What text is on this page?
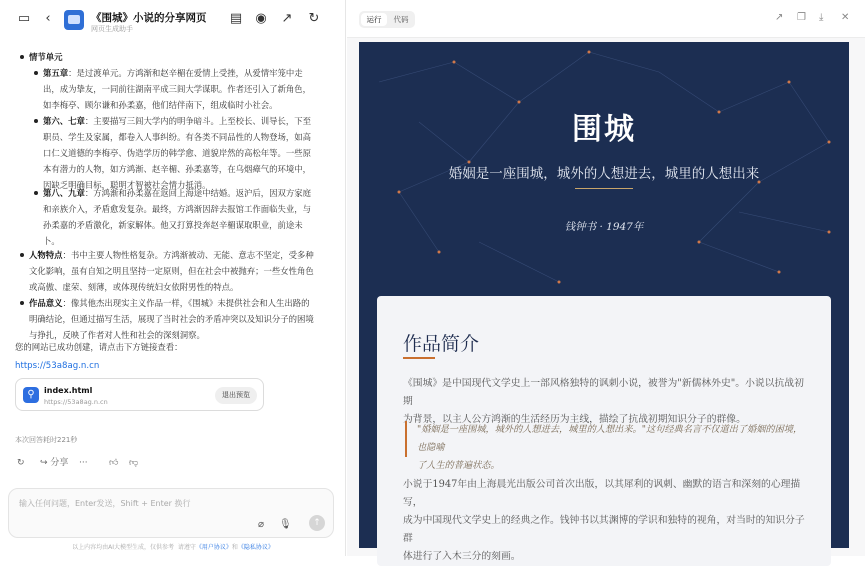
▭	‹	《围城》小说的分享网页
网页生成助手
▤ ◉ ↗ ↻
情节单元
第五章：是过渡单元。方鸿渐和赵辛楣在爱情上受挫，从爱情牢笼中走
出，成为挚友，一同前往湖南平成三闾大学谋职。作者还引入了新角色，
如李梅亭、顾尔谦和孙柔嘉，他们结伴南下，组成临时小社会。
第六、七章：主要描写三闾大学内的明争暗斗。上至校长、训导长，下至
职员、学生及家属，都卷入人事纠纷。有各类不同品性的人物登场，如高
口仁义道德的李梅亭、伪造学历的韩学愈、道貌岸然的高松年等。一些原
本有潜力的人物，如方鸿渐、赵辛楣、孙柔嘉等，在乌烟瘴气的环境中，
因缺乏明确目标，聪明才智被社会情力抵消。
第八、九章：方鸿渐和孙柔嘉在返回上海途中结婚。返沪后，因双方家庭
和亲族介入，矛盾愈发复杂。最终，方鸿渐因辞去报馆工作面临失业，与
孙柔嘉的矛盾激化，新家解体。他又打算投奔赵辛楣谋取职业，前途未
卜。
人物特点：书中主要人物性格复杂。方鸿渐被动、无能、意志不坚定，受多种
文化影响，虽有自知之明且坚持一定原则，但在社会中被抛弃；一些女性角色
或高傲、虚荣、刻薄，或体现传统妇女依附男性的特点。
作品意义：像其他杰出现实主义作品一样，《围城》未提供社会和人生出路的
明确结论，但通过描写生活，展现了当时社会的矛盾冲突以及知识分子的困境
与挣扎，反映了作者对人性和社会的深刻洞察。
您的网站已成功创建，请点击下方链接查看：
https://53a8ag.n.cn
⚲	index.html
https://53a8ag.n.cn
退出预览
本次回答耗时221秒
↻ ↪ 分享 ··· 👍︎ 👎︎
输入任何问题，Enter发送，Shift + Enter 换行
⌀ 🎙︎	↑
以上内容均由AI大模型生成，仅供参考 请遵守《用户协议》和《隐私协议》
运行	代码	↗ ❐ ⤓ ✕
围城
婚姻是一座围城，城外的人想进去，城里的人想出来
钱钟书 · 1947年
作品简介
《围城》是中国现代文学史上一部风格独特的讽刺小说，被誉为"新儒林外史"。小说以抗战初期
为背景，以主人公方鸿渐的生活经历为主线，描绘了抗战初期知识分子的群像。
"婚姻是一座围城，城外的人想进去，城里的人想出来。"这句经典名言不仅道出了婚姻的困境，也隐喻
了人生的普遍状态。
小说于1947年由上海晨光出版公司首次出版，以其犀利的讽刺、幽默的语言和深刻的心理描写，
成为中国现代文学史上的经典之作。钱钟书以其渊博的学识和独特的视角，对当时的知识分子群
体进行了入木三分的刻画。
